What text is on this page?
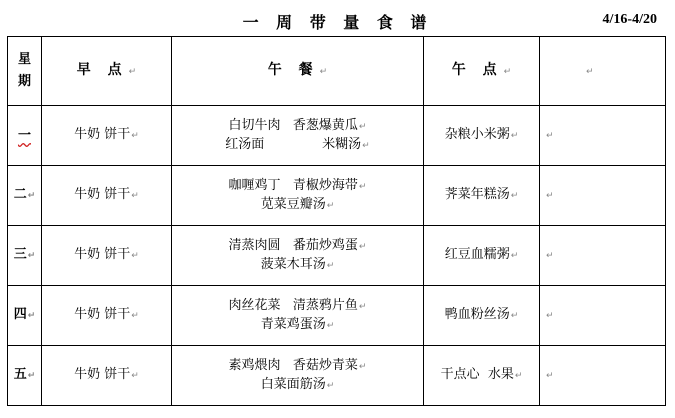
一 周 带 量 食 谱	4/16-4/20
星期	早 点↵	午 餐↵	午 点↵	↵
一	牛奶 饼干↵	白切牛肉   香葱爆黄瓜↵
红汤面              米糊汤↵	杂粮小米粥↵	↵
二↵	牛奶 饼干↵	咖喱鸡丁   青椒炒海带↵
苋菜豆瓣汤↵	荠菜年糕汤↵	↵
三↵	牛奶 饼干↵	清蒸肉圆   番茄炒鸡蛋↵
菠菜木耳汤↵	红豆血糯粥↵	↵
四↵	牛奶 饼干↵	肉丝花菜   清蒸鸦片鱼↵
青菜鸡蛋汤↵	鸭血粉丝汤↵	↵
五↵	牛奶 饼干↵	素鸡煨肉   香菇炒青菜↵
白菜面筋汤↵	干点心  水果↵	↵
